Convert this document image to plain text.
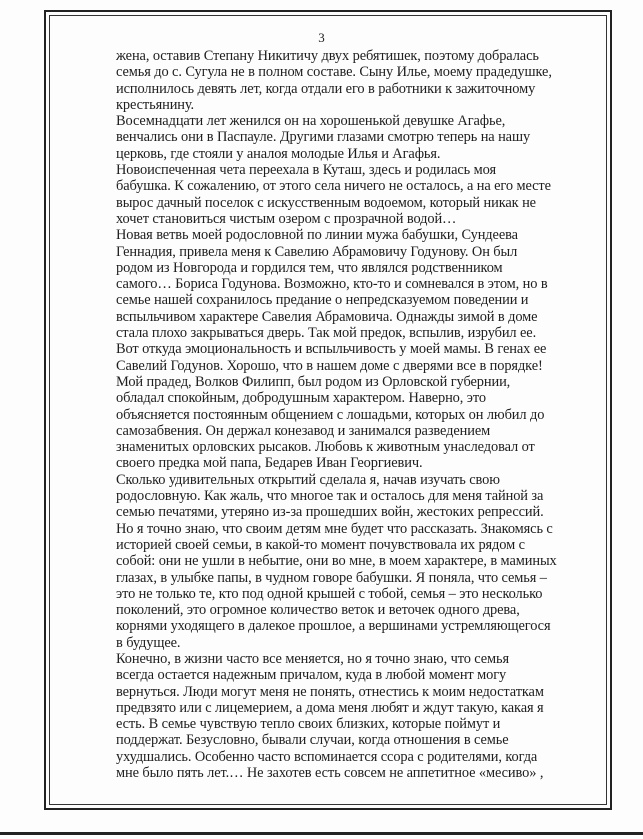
3
жена, оставив Степану Никитичу двух ребятишек, поэтому добралась
семья до с. Сугула не в полном составе. Сыну Илье, моему прадедушке,
исполнилось девять лет, когда отдали его в работники к зажиточному
крестьянину.
Восемнадцати лет женился он на хорошенькой девушке Агафье,
венчались они в Паспауле. Другими глазами смотрю теперь на нашу
церковь, где стояли у аналоя молодые Илья и Агафья.
Новоиспеченная чета переехала в Куташ, здесь и родилась моя
бабушка. К сожалению, от этого села ничего не осталось, а на его месте
вырос дачный поселок с искусственным водоемом, который никак не
хочет становиться чистым озером с прозрачной водой…
Новая ветвь моей родословной по линии мужа бабушки, Сундеева
Геннадия, привела меня к Савелию Абрамовичу Годунову. Он был
родом из Новгорода и гордился тем, что являлся родственником
самого… Бориса Годунова. Возможно, кто-то и сомневался в этом, но в
семье нашей сохранилось предание о непредсказуемом поведении и
вспыльчивом характере Савелия Абрамовича. Однажды зимой в доме
стала плохо закрываться дверь. Так мой предок, вспылив, изрубил ее.
Вот откуда эмоциональность и вспыльчивость у моей мамы. В генах ее
Савелий Годунов. Хорошо, что в нашем доме с дверями все в порядке!
Мой прадед, Волков Филипп, был родом из Орловской губернии,
обладал спокойным, добродушным характером. Наверно, это
объясняется постоянным общением с лошадьми, которых он любил до
самозабвения. Он держал конезавод и занимался разведением
знаменитых орловских рысаков. Любовь к животным унаследовал от
своего предка мой папа, Бедарев Иван Георгиевич.
Сколько удивительных открытий сделала я, начав изучать свою
родословную. Как жаль, что многое так и осталось для меня тайной за
семью печатями, утеряно из-за прошедших войн, жестоких репрессий.
Но я точно знаю, что своим детям мне будет что рассказать. Знакомясь с
историей своей семьи, в какой-то момент почувствовала их рядом с
собой: они не ушли в небытие, они во мне, в моем характере, в маминых
глазах, в улыбке папы, в чудном говоре бабушки. Я поняла, что семья –
это не только те, кто под одной крышей с тобой, семья – это несколько
поколений, это огромное количество веток и веточек одного древа,
корнями уходящего в далекое прошлое, а вершинами устремляющегося
в будущее.
Конечно, в жизни часто все меняется, но я точно знаю, что семья
всегда остается надежным причалом, куда в любой момент могу
вернуться. Люди могут меня не понять, отнестись к моим недостаткам
предвзято или с лицемерием, а дома меня любят и ждут такую, какая я
есть. В семье чувствую тепло своих близких, которые поймут и
поддержат. Безусловно, бывали случаи, когда отношения в семье
ухудшались. Особенно часто вспоминается ссора с родителями, когда
мне было пять лет.… Не захотев есть совсем не аппетитное «месиво» ,
